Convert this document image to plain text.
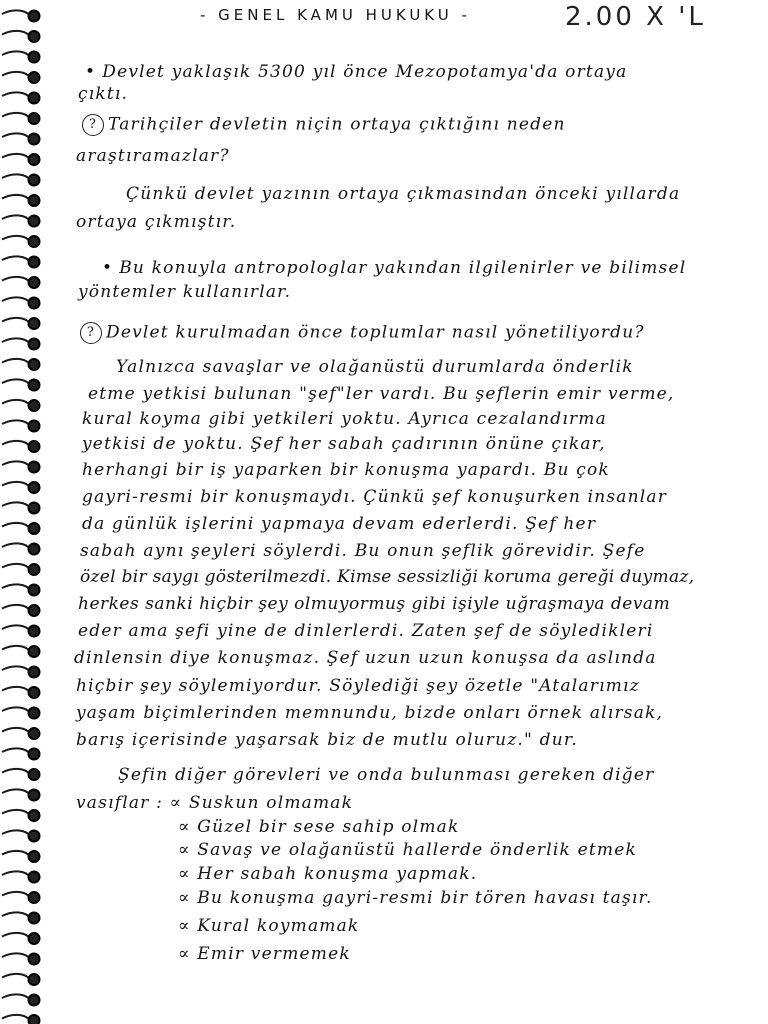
- GENEL KAMU HUKUKU -	2.00 X 'L
• Devlet yaklaşık 5300 yıl önce Mezopotamya'da ortaya
çıktı.
? Tarihçiler devletin niçin ortaya çıktığını neden
araştıramazlar?
Çünkü devlet yazının ortaya çıkmasından önceki yıllarda
ortaya çıkmıştır.
• Bu konuyla antropologlar yakından ilgilenirler ve bilimsel
yöntemler kullanırlar.
? Devlet kurulmadan önce toplumlar nasıl yönetiliyordu?
Yalnızca savaşlar ve olağanüstü durumlarda önderlik
etme yetkisi bulunan "şef"ler vardı. Bu şeflerin emir verme,
kural koyma gibi yetkileri yoktu. Ayrıca cezalandırma
yetkisi de yoktu. Şef her sabah çadırının önüne çıkar,
herhangi bir iş yaparken bir konuşma yapardı. Bu çok
gayri-resmi bir konuşmaydı. Çünkü şef konuşurken insanlar
da günlük işlerini yapmaya devam ederlerdi. Şef her
sabah aynı şeyleri söylerdi. Bu onun şeflik görevidir. Şefe
özel bir saygı gösterilmezdi. Kimse sessizliği koruma gereği duymaz,
herkes sanki hiçbir şey olmuyormuş gibi işiyle uğraşmaya devam
eder ama şefi yine de dinlerlerdi. Zaten şef de söyledikleri
dinlensin diye konuşmaz. Şef uzun uzun konuşsa da aslında
hiçbir şey söylemiyordur. Söylediği şey özetle "Atalarımız
yaşam biçimlerinden memnundu, bizde onları örnek alırsak,
barış içerisinde yaşarsak biz de mutlu oluruz." dur.
Şefin diğer görevleri ve onda bulunması gereken diğer
vasıflar : ∝ Suskun olmamak
∝ Güzel bir sese sahip olmak
∝ Savaş ve olağanüstü hallerde önderlik etmek
∝ Her sabah konuşma yapmak.
∝ Bu konuşma gayri-resmi bir tören havası taşır.
∝ Kural koymamak
∝ Emir vermemek
